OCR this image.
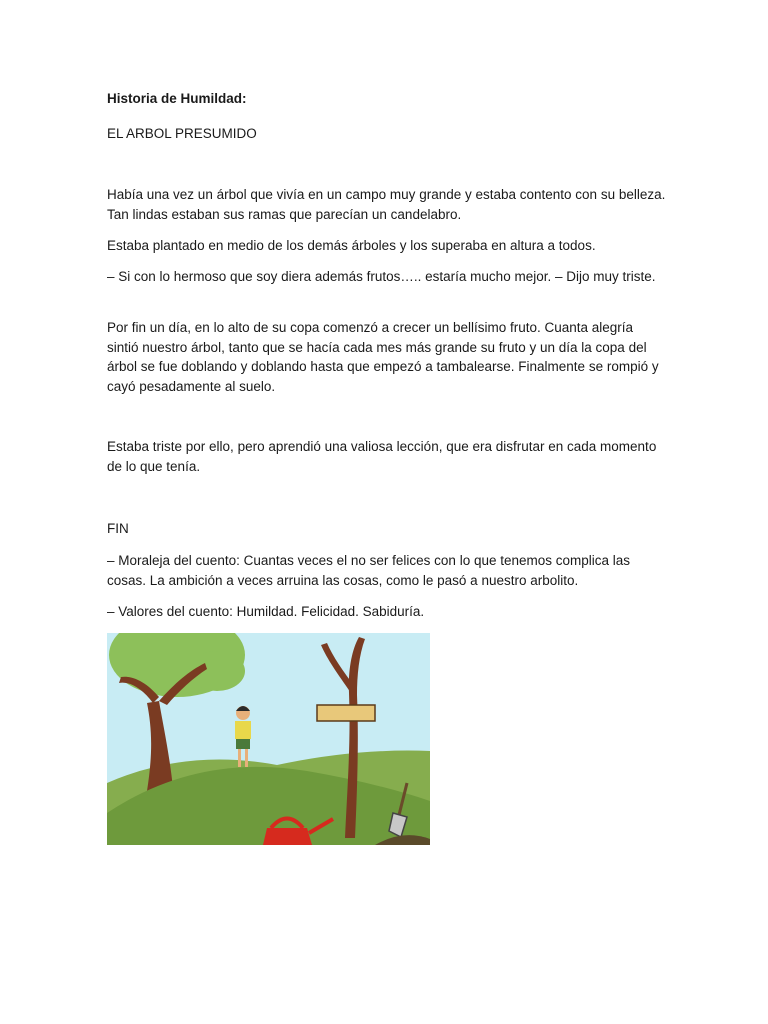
Historia de Humildad:

EL ARBOL PRESUMIDO

Había una vez un árbol que vivía en un campo muy grande y estaba contento con su belleza. Tan lindas estaban sus ramas que parecían un candelabro.

Estaba plantado en medio de los demás árboles y los superaba en altura a todos.

– Si con lo hermoso que soy diera además frutos….. estaría mucho mejor. – Dijo muy triste.

Por fin un día, en lo alto de su copa comenzó a crecer un bellísimo fruto. Cuanta alegría sintió nuestro árbol, tanto que se hacía cada mes más grande su fruto y un día la copa del árbol se fue doblando y doblando hasta que empezó a tambalearse. Finalmente se rompió y cayó pesadamente al suelo.

Estaba triste por ello, pero aprendió una valiosa lección, que era disfrutar en cada momento de lo que tenía.

FIN

– Moraleja del cuento: Cuantas veces el no ser felices con lo que tenemos complica las cosas. La ambición a veces arruina las cosas, como le pasó a nuestro arbolito.

– Valores del cuento: Humildad. Felicidad. Sabiduría.
